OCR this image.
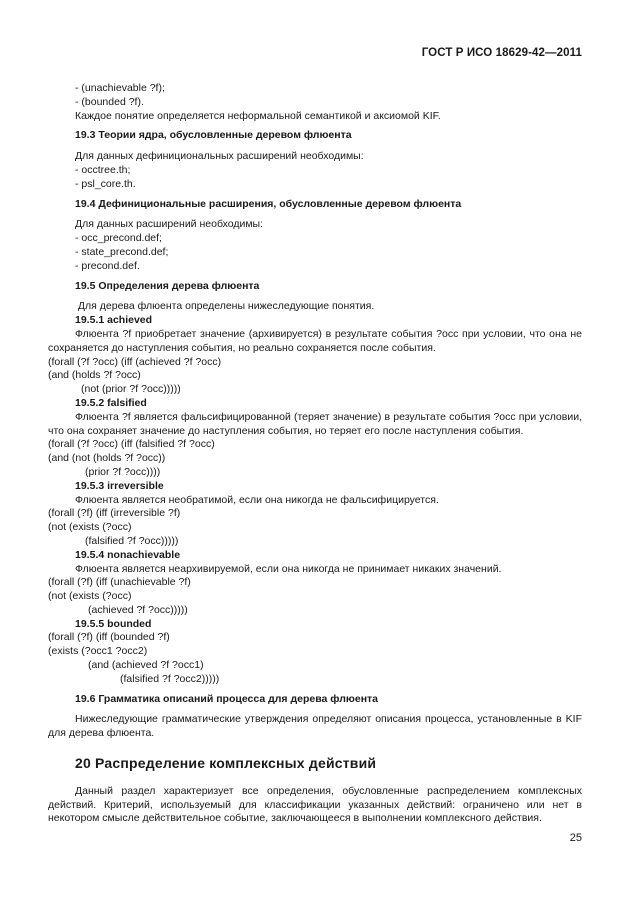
ГОСТ Р ИСО 18629-42—2011
- (unachievable ?f);
- (bounded ?f).
Каждое понятие определяется неформальной семантикой и аксиомой KIF.
19.3 Теории ядра, обусловленные деревом флюента
Для данных дефинициональных расширений необходимы:
- occtree.th;
- psl_core.th.
19.4 Дефинициональные расширения, обусловленные деревом флюента
Для данных расширений необходимы:
- occ_precond.def;
- state_precond.def;
- precond.def.
19.5 Определения дерева флюента
Для дерева флюента определены нижеследующие понятия.
19.5.1 achieved
Флюента ?f приобретает значение (архивируется) в результате события ?occ при условии, что она не сохраняется до наступления события, но реально сохраняется после события.
(forall (?f ?occ) (iff (achieved ?f ?occ)
(and (holds ?f ?occ)
(not (prior ?f ?occ)))))
19.5.2 falsified
Флюента ?f является фальсифицированной (теряет значение) в результате события ?occ при условии, что она сохраняет значение до наступления события, но теряет его после наступления события.
(forall (?f ?occ) (iff (falsified ?f ?occ)
(and (not (holds ?f ?occ))
(prior ?f ?occ))))
19.5.3 irreversible
Флюента является необратимой, если она никогда не фальсифицируется.
(forall (?f) (iff (irreversible ?f)
(not (exists (?occ)
(falsified ?f ?occ)))))
19.5.4 nonachievable
Флюента является неархивируемой, если она никогда не принимает никаких значений.
(forall (?f) (iff (unachievable ?f)
(not (exists (?occ)
(achieved ?f ?occ)))))
19.5.5 bounded
(forall (?f) (iff (bounded ?f)
(exists (?occ1 ?occ2)
(and (achieved ?f ?occ1)
(falsified ?f ?occ2)))))
19.6 Грамматика описаний процесса для дерева флюента
Нижеследующие грамматические утверждения определяют описания процесса, установленные в KIF для дерева флюента.
20 Распределение комплексных действий
Данный раздел характеризует все определения, обусловленные распределением комплексных действий. Критерий, используемый для классификации указанных действий: ограничено или нет в некотором смысле действительное событие, заключающееся в выполнении комплексного действия.
25
